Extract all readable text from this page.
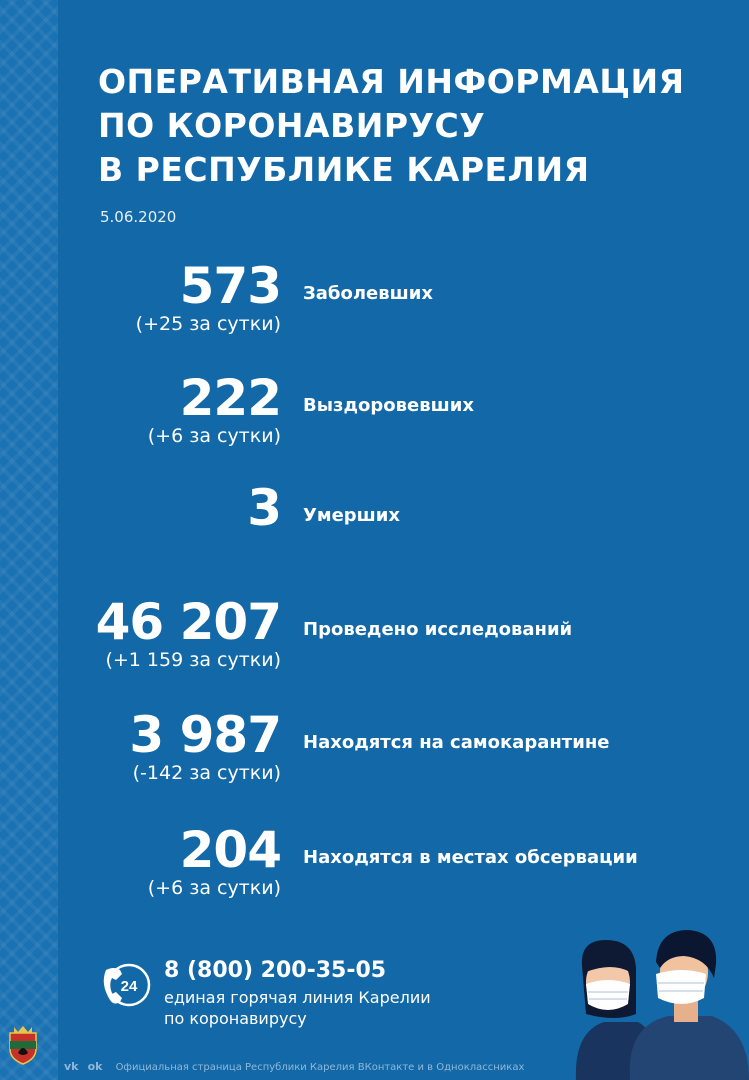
ОПЕРАТИВНАЯ ИНФОРМАЦИЯ
ПО КОРОНАВИРУСУ
В РЕСПУБЛИКЕ КАРЕЛИЯ
5.06.2020
573
(+25 за сутки)
Заболевших
222
(+6 за сутки)
Выздоровевших
3 Умерших
46 207
(+1 159 за сутки)
Проведено исследований
3 987
(-142 за сутки)
Находятся на самокарантине
204
(+6 за сутки)
Находятся в местах обсервации
24
8 (800) 200-35-05
единая горячая линия Карелии
по коронавирусу
vk ok Официальная страница Республики Карелия ВКонтакте и в Одноклассниках
